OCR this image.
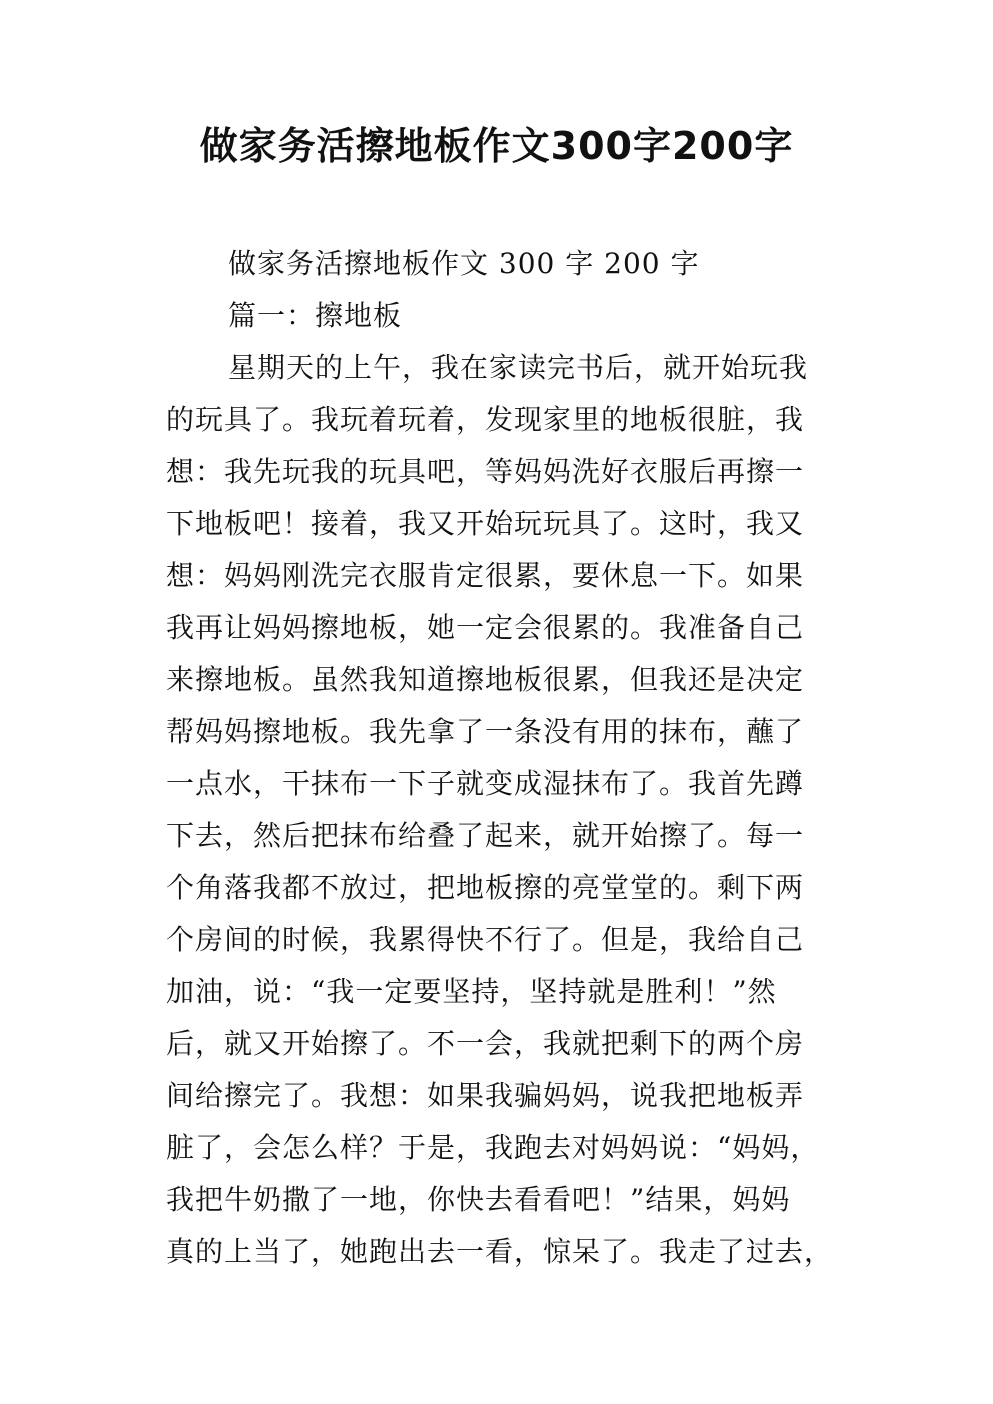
做家务活擦地板作文300字200字
做家务活擦地板作文 300 字 200 字
篇一：擦地板
星期天的上午，我在家读完书后，就开始玩我
的玩具了。我玩着玩着，发现家里的地板很脏，我
想：我先玩我的玩具吧，等妈妈洗好衣服后再擦一
下地板吧！接着，我又开始玩玩具了。这时，我又
想：妈妈刚洗完衣服肯定很累，要休息一下。如果
我再让妈妈擦地板，她一定会很累的。我准备自己
来擦地板。虽然我知道擦地板很累，但我还是决定
帮妈妈擦地板。我先拿了一条没有用的抹布，蘸了
一点水，干抹布一下子就变成湿抹布了。我首先蹲
下去，然后把抹布给叠了起来，就开始擦了。每一
个角落我都不放过，把地板擦的亮堂堂的。剩下两
个房间的时候，我累得快不行了。但是，我给自己
加油，说：“我一定要坚持，坚持就是胜利！”然
后，就又开始擦了。不一会，我就把剩下的两个房
间给擦完了。我想：如果我骗妈妈，说我把地板弄
脏了，会怎么样？于是，我跑去对妈妈说：“妈妈，
我把牛奶撒了一地，你快去看看吧！”结果，妈妈
真的上当了，她跑出去一看，惊呆了。我走了过去，
